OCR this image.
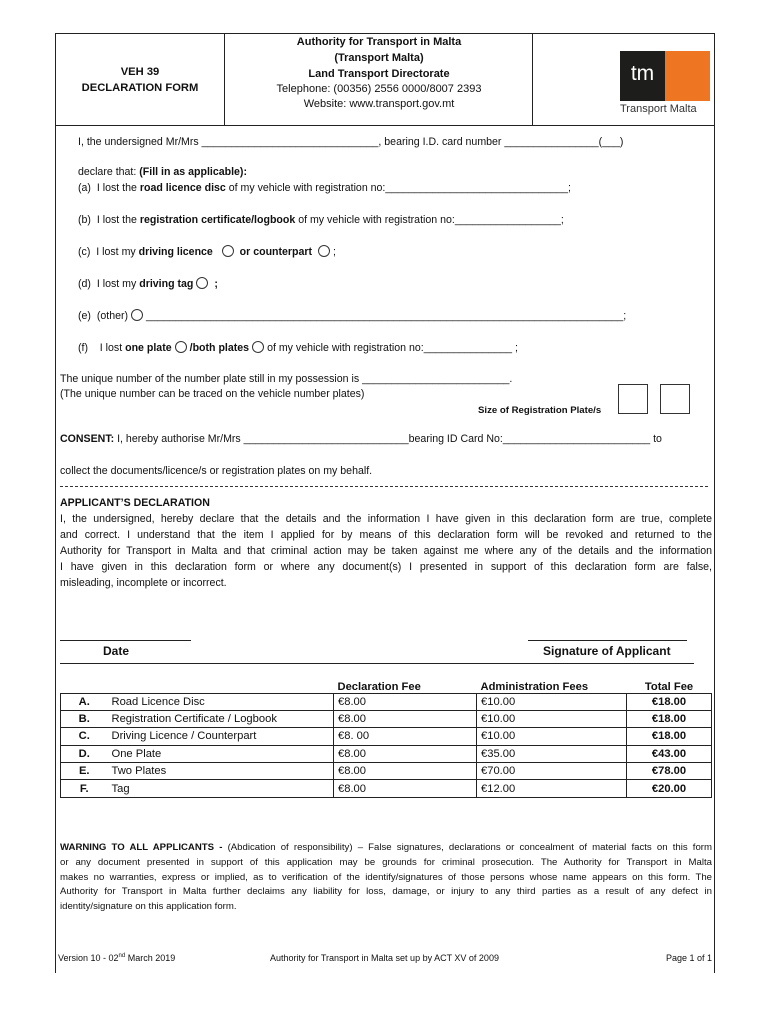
VEH 39
DECLARATION FORM
Authority for Transport in Malta
(Transport Malta)
Land Transport Directorate
Telephone: (00356) 2556 0000/8007 2393
Website: www.transport.gov.mt
tm
Transport Malta
I, the undersigned Mr/Mrs ______________________________, bearing I.D. card number ________________(___)
declare that: (Fill in as applicable):
(a) I lost the road licence disc of my vehicle with registration no:_______________________________;
(b) I lost the registration certificate/logbook of my vehicle with registration no:__________________;
(c) I lost my driving licence	or counterpart ;
(d) I lost my driving tag ;
(e) (other) _________________________________________________________________________________;
(f) I lost one plate /both plates of my vehicle with registration no:_______________ ;
The unique number of the number plate still in my possession is _________________________.
(The unique number can be traced on the vehicle number plates)
Size of Registration Plate/s
CONSENT: I, hereby authorise Mr/Mrs ____________________________bearing ID Card No:_________________________ to
collect the documents/licence/s or registration plates on my behalf.
APPLICANT’S DECLARATION
I, the undersigned, hereby declare that the details and the information I have given in this declaration form are true, complete
and correct. I understand that the item I applied for by means of this declaration form will be revoked and returned to the
Authority for Transport in Malta and that criminal action may be taken against me where any of the details and the information
I have given in this declaration form or where any document(s) I presented in support of this declaration form are false,
misleading, incomplete or incorrect.
Date	Signature of Applicant
		Declaration Fee	Administration Fees	Total Fee
A.	Road Licence Disc	€8.00	€10.00	€18.00
B.	Registration Certificate / Logbook	€8.00	€10.00	€18.00
C.	Driving Licence / Counterpart	€8. 00	€10.00	€18.00
D.	One Plate	€8.00	€35.00	€43.00
E.	Two Plates	€8.00	€70.00	€78.00
F.	Tag	€8.00	€12.00	€20.00
WARNING TO ALL APPLICANTS - (Abdication of responsibility) – False signatures, declarations or concealment of material facts on this form
or any document presented in support of this application may be grounds for criminal prosecution. The Authority for Transport in Malta
makes no warranties, express or implied, as to verification of the identify/signatures of those persons whose name appears on this form. The
Authority for Transport in Malta further declaims any liability for loss, damage, or injury to any third parties as a result of any defect in
identity/signature on this application form.
Version 10 - 02nd March 2019	Authority for Transport in Malta set up by ACT XV of 2009	Page 1 of 1
